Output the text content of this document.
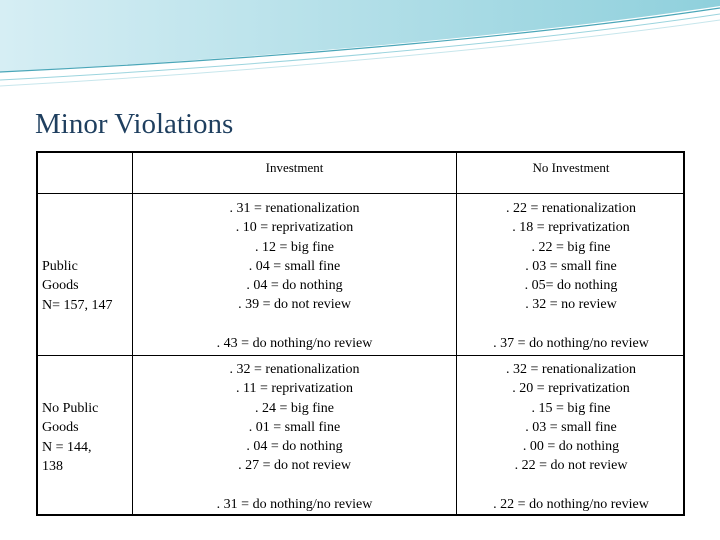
Minor Violations
Investment	No Investment
Public
Goods
N= 157, 147
. 31 = renationalization
. 10 = reprivatization
. 12 = big fine
. 04 = small fine
. 04 = do nothing
. 39 = do not review
. 43 = do nothing/no review
. 22 = renationalization
. 18 = reprivatization
. 22 = big fine
. 03 = small fine
. 05= do nothing
. 32 = no review
. 37 = do nothing/no review
No Public
Goods
N = 144,
138
. 32 = renationalization
. 11 = reprivatization
. 24 = big fine
. 01 = small fine
. 04 = do nothing
. 27 = do not review
. 31 = do nothing/no review
. 32 = renationalization
. 20 = reprivatization
. 15 = big fine
. 03 = small fine
. 00 = do nothing
. 22 = do not review
. 22 = do nothing/no review
